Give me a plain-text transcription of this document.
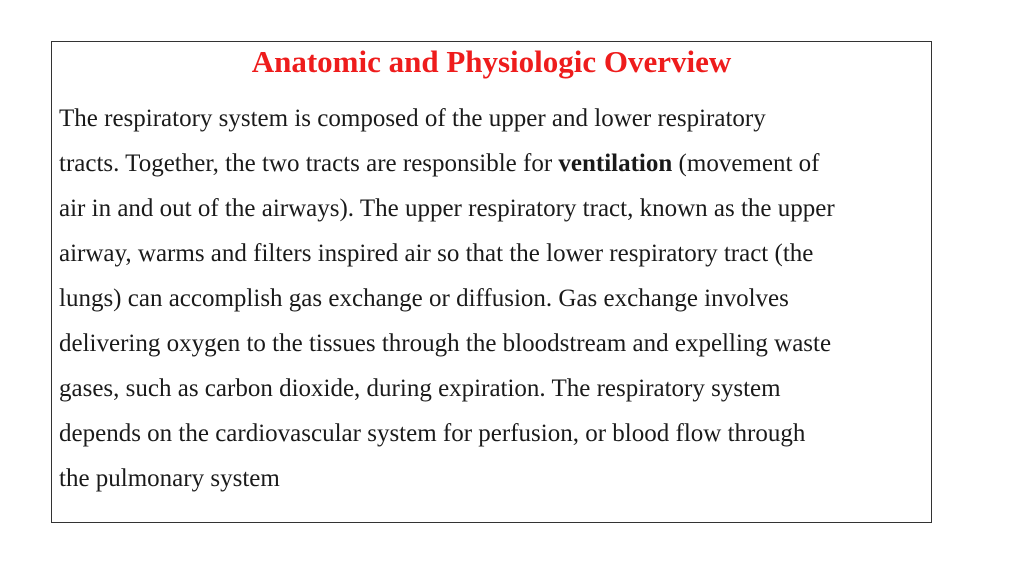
Anatomic and Physiologic Overview
The respiratory system is composed of the upper and lower respiratory
tracts. Together, the two tracts are responsible for ventilation (movement of
air in and out of the airways). The upper respiratory tract, known as the upper
airway, warms and filters inspired air so that the lower respiratory tract (the
lungs) can accomplish gas exchange or diffusion. Gas exchange involves
delivering oxygen to the tissues through the bloodstream and expelling waste
gases, such as carbon dioxide, during expiration. The respiratory system
depends on the cardiovascular system for perfusion, or blood flow through
the pulmonary system
